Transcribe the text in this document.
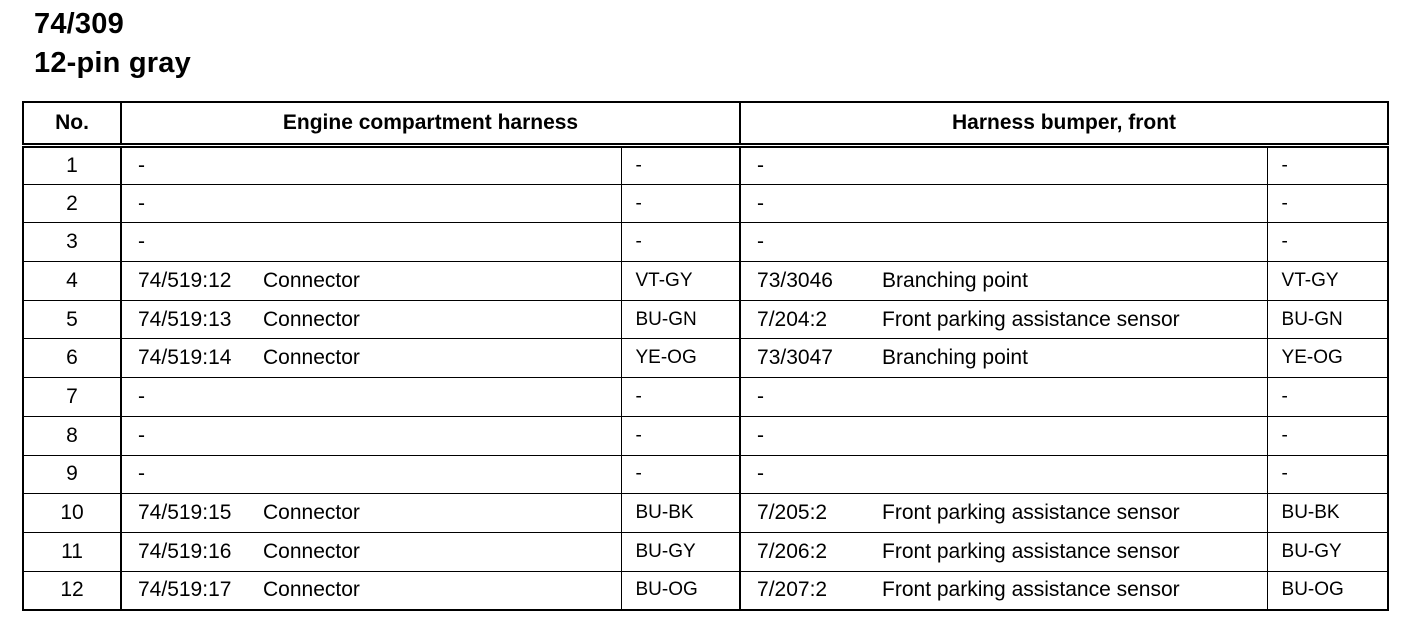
74/309
12-pin gray
No.	Engine compartment harness			Harness bumper, front		
1	-		-	-		-
2	-		-	-		-
3	-		-	-		-
4	74/519:12	Connector	VT-GY	73/3046	Branching point	VT-GY
5	74/519:13	Connector	BU-GN	7/204:2	Front parking assistance sensor	BU-GN
6	74/519:14	Connector	YE-OG	73/3047	Branching point	YE-OG
7	-		-	-		-
8	-		-	-		-
9	-		-	-		-
10	74/519:15	Connector	BU-BK	7/205:2	Front parking assistance sensor	BU-BK
11	74/519:16	Connector	BU-GY	7/206:2	Front parking assistance sensor	BU-GY
12	74/519:17	Connector	BU-OG	7/207:2	Front parking assistance sensor	BU-OG
